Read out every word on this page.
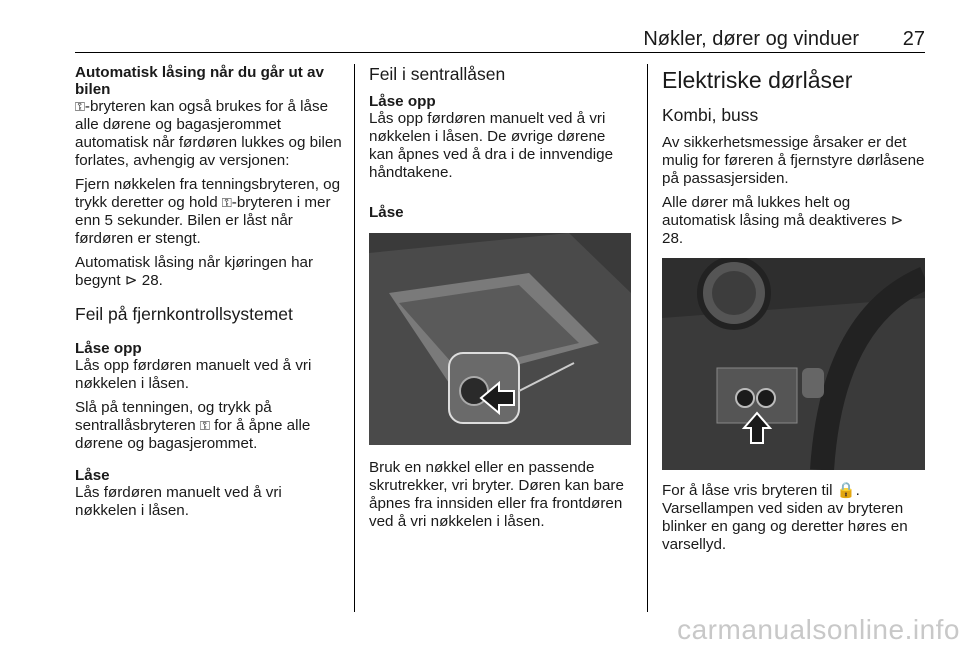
Nøkler, dører og vinduer 27
Automatisk låsing når du går ut av bilen

⚿-bryteren kan også brukes for å låse alle dørene og bagasjerommet automatisk når førdøren lukkes og bilen forlates, avhengig av versjonen:

Fjern nøkkelen fra tenningsbryteren, og trykk deretter og hold ⚿-bryteren i mer enn 5 sekunder. Bilen er låst når førdøren er stengt.

Automatisk låsing når kjøringen har begynt ⊳ 28.

Feil på fjernkontrollsystemet
Låse opp

Lås opp førdøren manuelt ved å vri nøkkelen i låsen.

Slå på tenningen, og trykk på sentrallåsbryteren ⚿ for å åpne alle dørene og bagasjerommet.

Låse

Lås førdøren manuelt ved å vri nøkkelen i låsen.

Feil i sentrallåsen
Låse opp

Lås opp førdøren manuelt ved å vri nøkkelen i låsen. De øvrige dørene kan åpnes ved å dra i de innvendige håndtakene.

Låse

Bruk en nøkkel eller en passende skrutrekker, vri bryter. Døren kan bare åpnes fra innsiden eller fra frontdøren ved å vri nøkkelen i låsen.

Elektriske dørlåser
Kombi, buss

Av sikkerhetsmessige årsaker er det mulig for føreren å fjernstyre dørlåsene på passasjersiden.

Alle dører må lukkes helt og automatisk låsing må deaktiveres ⊳ 28.

For å låse vris bryteren til 🔒. Varsellampen ved siden av bryteren blinker en gang og deretter høres en varsellyd.

carmanualsonline.info
